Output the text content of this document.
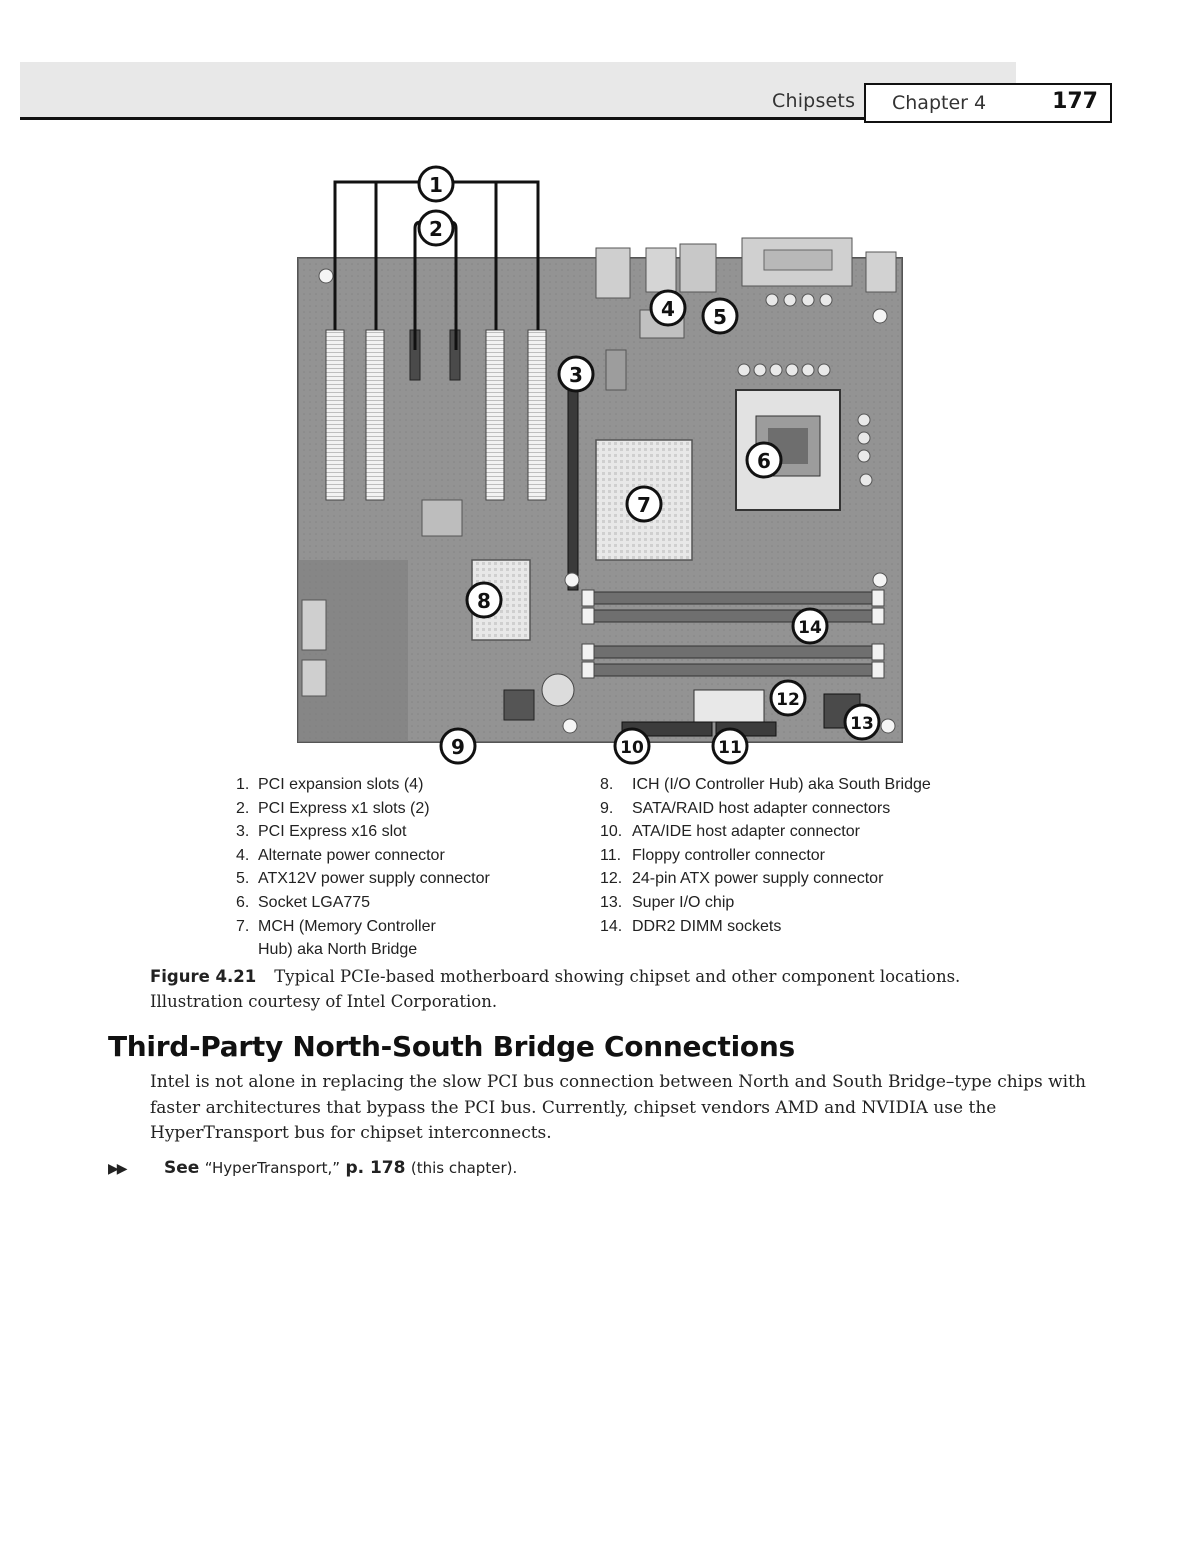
Chipsets Chapter 4	177
1
2
3
4 5
6
7
8
9	10	11
12
13
14
1. PCI expansion slots (4)
2. PCI Express x1 slots (2)
3. PCI Express x16 slot
4. Alternate power connector
5. ATX12V power supply connector
6. Socket LGA775
7. MCH (Memory Controller
Hub) aka North Bridge
8. ICH (I/O Controller Hub) aka South Bridge
9. SATA/RAID host adapter connectors
10. ATA/IDE host adapter connector
11. Floppy controller connector
12. 24-pin ATX power supply connector
13. Super I/O chip
14. DDR2 DIMM sockets
Figure 4.21 Typical PCIe-based motherboard showing chipset and other component locations. Illustration courtesy of Intel Corporation.
Third-Party North-South Bridge Connections
Intel is not alone in replacing the slow PCI bus connection between North and South Bridge–type chips with faster architectures that bypass the PCI bus. Currently, chipset vendors AMD and NVIDIA use the HyperTransport bus for chipset interconnects.
▶▶ See “HyperTransport,” p. 178 (this chapter).
